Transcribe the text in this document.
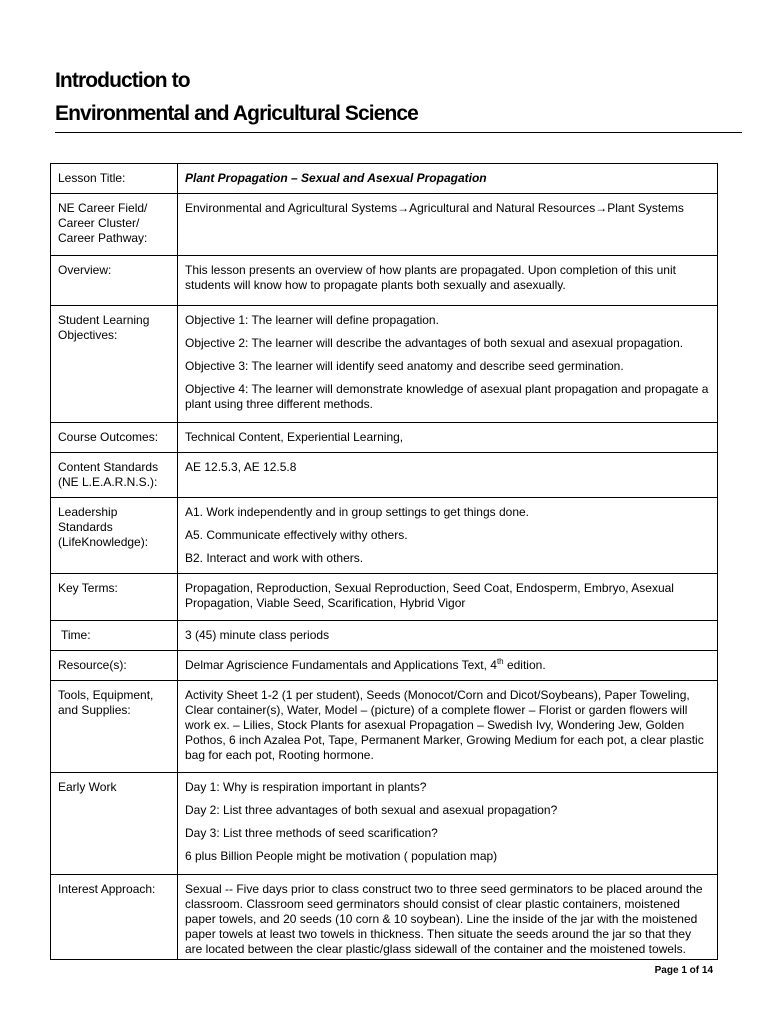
Introduction to
Environmental and Agricultural Science
Lesson Title:	Plant Propagation – Sexual and Asexual Propagation
NE Career Field/ Career Cluster/ Career Pathway:	Environmental and Agricultural Systems→Agricultural and Natural Resources→Plant Systems
Overview:	This lesson presents an overview of how plants are propagated. Upon completion of this unit students will know how to propagate plants both sexually and asexually.
Student Learning Objectives:	Objective 1: The learner will define propagation.

Objective 2: The learner will describe the advantages of both sexual and asexual propagation.

Objective 3: The learner will identify seed anatomy and describe seed germination.

Objective 4: The learner will demonstrate knowledge of asexual plant propagation and propagate a plant using three different methods.

Course Outcomes:	Technical Content, Experiential Learning,
Content Standards (NE L.E.A.R.N.S.):	AE 12.5.3, AE 12.5.8
Leadership Standards (LifeKnowledge):	A1. Work independently and in group settings to get things done.

A5. Communicate effectively withy others.

B2. Interact and work with others.

Key Terms:	Propagation, Reproduction, Sexual Reproduction, Seed Coat, Endosperm, Embryo, Asexual Propagation, Viable Seed, Scarification, Hybrid Vigor
Time:	3 (45) minute class periods
Resource(s):	Delmar Agriscience Fundamentals and Applications Text, 4th edition.
Tools, Equipment, and Supplies:	Activity Sheet 1-2 (1 per student), Seeds (Monocot/Corn and Dicot/Soybeans), Paper Toweling, Clear container(s), Water, Model – (picture) of a complete flower – Florist or garden flowers will work ex. – Lilies, Stock Plants for asexual Propagation – Swedish Ivy, Wondering Jew, Golden Pothos, 6 inch Azalea Pot, Tape, Permanent Marker, Growing Medium for each pot, a clear plastic bag for each pot, Rooting hormone.
Early Work	Day 1: Why is respiration important in plants?

Day 2: List three advantages of both sexual and asexual propagation?

Day 3: List three methods of seed scarification?

6 plus Billion People might be motivation ( population map)

Interest Approach:	Sexual -- Five days prior to class construct two to three seed germinators to be placed around the classroom. Classroom seed germinators should consist of clear plastic containers, moistened paper towels, and 20 seeds (10 corn & 10 soybean). Line the inside of the jar with the moistened paper towels at least two towels in thickness. Then situate the seeds around the jar so that they are located between the clear plastic/glass sidewall of the container and the moistened towels.
Page 1 of 14
